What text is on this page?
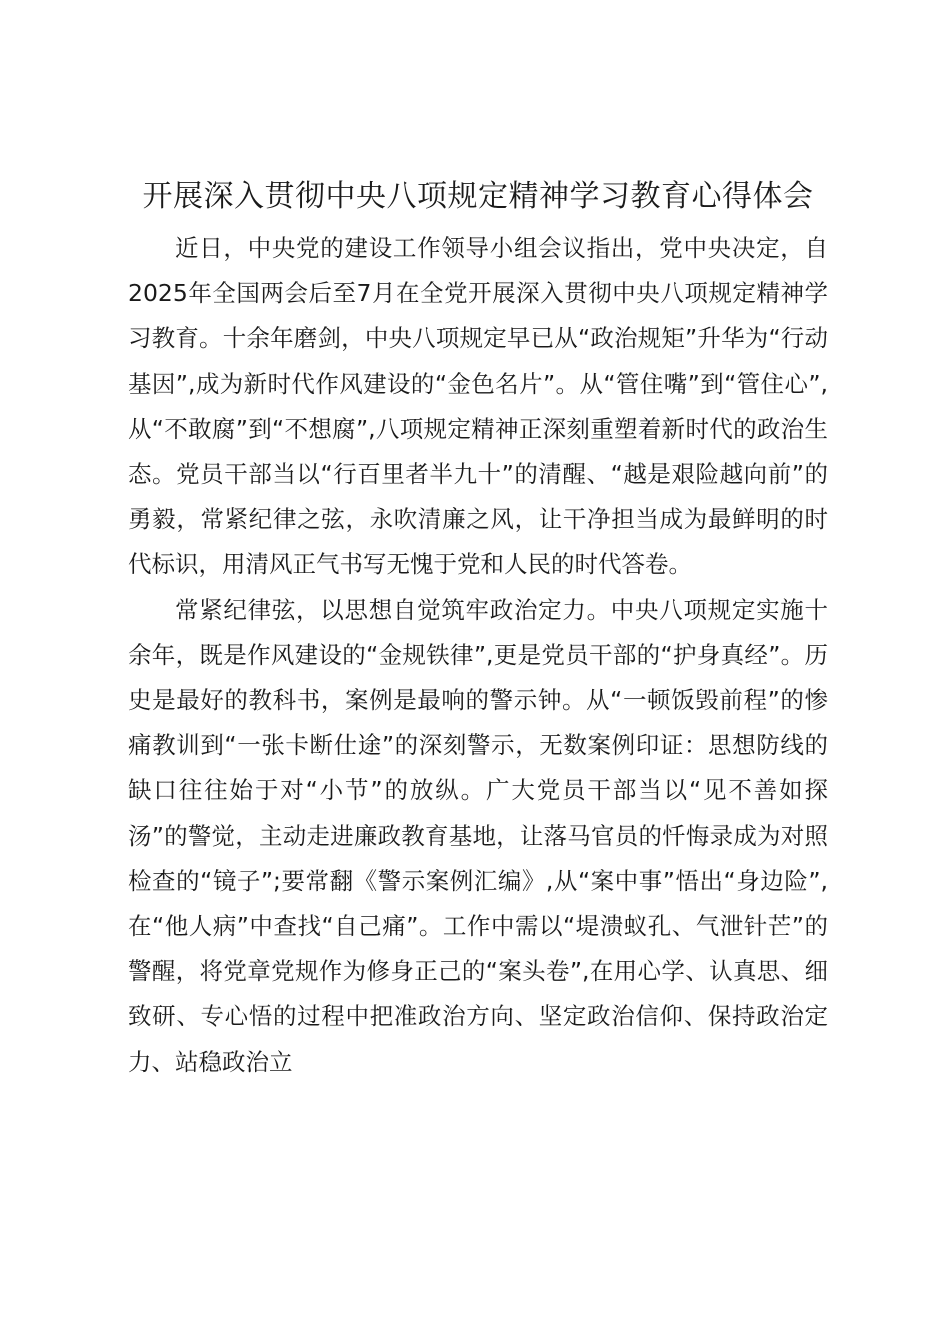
开展深入贯彻中央八项规定精神学习教育心得体会

近日，中央党的建设工作领导小组会议指出，党中央决定，自2025年全国两会后至7月在全党开展深入贯彻中央八项规定精神学习教育。十余年磨剑，中央八项规定早已从“政治规矩”升华为“行动基因”,成为新时代作风建设的“金色名片”。从“管住嘴”到“管住心”,从“不敢腐”到“不想腐”,八项规定精神正深刻重塑着新时代的政治生态。党员干部当以“行百里者半九十”的清醒、“越是艰险越向前”的勇毅，常紧纪律之弦，永吹清廉之风，让干净担当成为最鲜明的时代标识，用清风正气书写无愧于党和人民的时代答卷。

常紧纪律弦，以思想自觉筑牢政治定力。中央八项规定实施十余年，既是作风建设的“金规铁律”,更是党员干部的“护身真经”。历史是最好的教科书，案例是最响的警示钟。从“一顿饭毁前程”的惨痛教训到“一张卡断仕途”的深刻警示，无数案例印证：思想防线的缺口往往始于对“小节”的放纵。广大党员干部当以“见不善如探汤”的警觉，主动走进廉政教育基地，让落马官员的忏悔录成为对照检查的“镜子”;要常翻《警示案例汇编》,从“案中事”悟出“身边险”,在“他人病”中查找“自己痛”。工作中需以“堤溃蚁孔、气泄针芒”的警醒，将党章党规作为修身正己的“案头卷”,在用心学、认真思、细致研、专心悟的过程中把准政治方向、坚定政治信仰、保持政治定力、站稳政治立
